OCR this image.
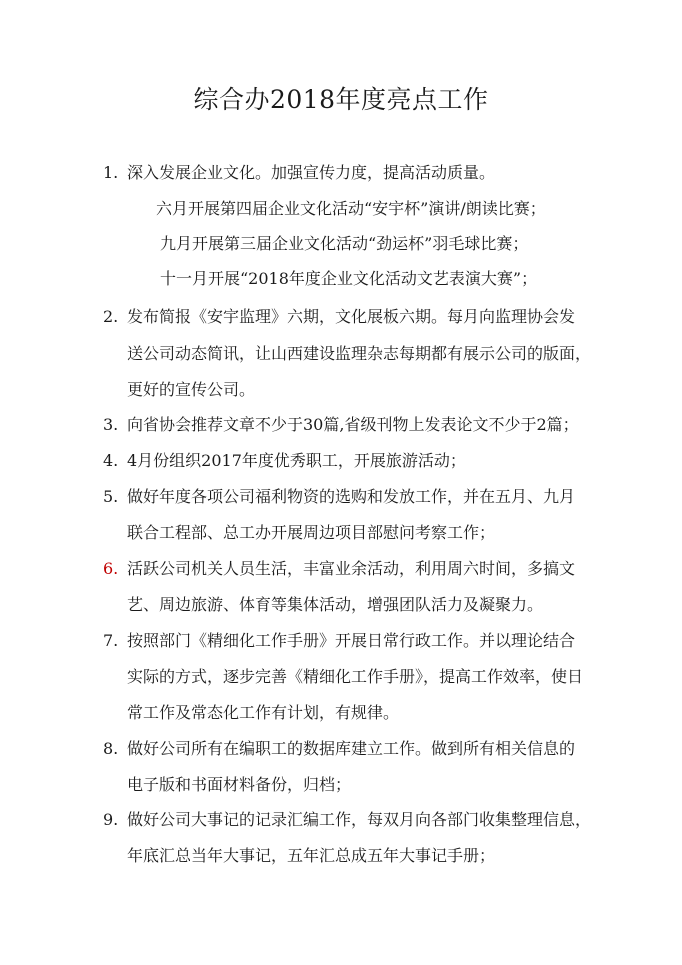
综合办2018年度亮点工作
1. 深入发展企业文化。加强宣传力度，提高活动质量。
六月开展第四届企业文化活动“安宇杯”演讲/朗读比赛；
九月开展第三届企业文化活动“劲运杯”羽毛球比赛；
十一月开展“2018年度企业文化活动文艺表演大赛”；
2. 发布简报《安宇监理》六期，文化展板六期。每月向监理协会发
送公司动态简讯，让山西建设监理杂志每期都有展示公司的版面，
更好的宣传公司。
3. 向省协会推荐文章不少于30篇,省级刊物上发表论文不少于2篇；
4. 4月份组织2017年度优秀职工，开展旅游活动；
5. 做好年度各项公司福利物资的选购和发放工作，并在五月、九月
联合工程部、总工办开展周边项目部慰问考察工作；
6. 活跃公司机关人员生活，丰富业余活动，利用周六时间，多搞文
艺、周边旅游、体育等集体活动，增强团队活力及凝聚力。
7. 按照部门《精细化工作手册》开展日常行政工作。并以理论结合
实际的方式，逐步完善《精细化工作手册》，提高工作效率，使日
常工作及常态化工作有计划，有规律。
8. 做好公司所有在编职工的数据库建立工作。做到所有相关信息的
电子版和书面材料备份，归档；
9. 做好公司大事记的记录汇编工作，每双月向各部门收集整理信息，
年底汇总当年大事记，五年汇总成五年大事记手册；
